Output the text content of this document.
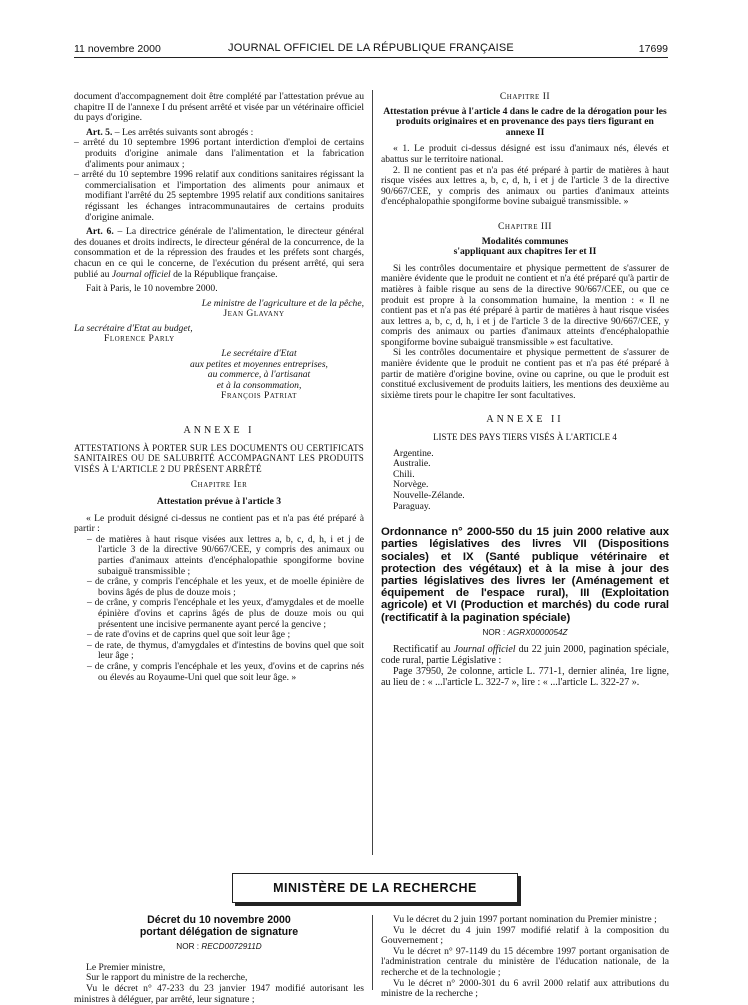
11 novembre 2000	JOURNAL OFFICIEL DE LA RÉPUBLIQUE FRANÇAISE	17699

document d'accompagnement doit être complété par l'attestation prévue au chapitre II de l'annexe I du présent arrêté et visée par un vétérinaire officiel du pays d'origine.

Art. 5. – Les arrêtés suivants sont abrogés :

– arrêté du 10 septembre 1996 portant interdiction d'emploi de certains produits d'origine animale dans l'alimentation et la fabrication d'aliments pour animaux ;

– arrêté du 10 septembre 1996 relatif aux conditions sanitaires régissant la commercialisation et l'importation des aliments pour animaux et modifiant l'arrêté du 25 septembre 1995 relatif aux conditions sanitaires régissant les échanges intracommunautaires de certains produits d'origine animale.

Art. 6. – La directrice générale de l'alimentation, le directeur général des douanes et droits indirects, le directeur général de la concurrence, de la consommation et de la répression des fraudes et les préfets sont chargés, chacun en ce qui le concerne, de l'exécution du présent arrêté, qui sera publié au Journal officiel de la République française.

Fait à Paris, le 10 novembre 2000.

Le ministre de l'agriculture et de la pêche,

Jean Glavany

La secrétaire d'Etat au budget,

Florence Parly

Le secrétaire d'Etat

aux petites et moyennes entreprises,

au commerce, à l'artisanat

et à la consommation,

François Patriat

ANNEXE I

ATTESTATIONS À PORTER SUR LES DOCUMENTS OU CERTIFICATS SANITAIRES OU DE SALUBRITÉ ACCOMPAGNANT LES PRODUITS VISÉS À L'ARTICLE 2 DU PRÉSENT ARRÊTÉ

Chapitre Ier

Attestation prévue à l'article 3

« Le produit désigné ci-dessus ne contient pas et n'a pas été préparé à partir :

– de matières à haut risque visées aux lettres a, b, c, d, h, i et j de l'article 3 de la directive 90/667/CEE, y compris des animaux ou parties d'animaux atteints d'encéphalopathie spongiforme bovine subaiguë transmissible ;

– de crâne, y compris l'encéphale et les yeux, et de moelle épinière de bovins âgés de plus de douze mois ;

– de crâne, y compris l'encéphale et les yeux, d'amygdales et de moelle épinière d'ovins et caprins âgés de plus de douze mois ou qui présentent une incisive permanente ayant percé la gencive ;

– de rate d'ovins et de caprins quel que soit leur âge ;

– de rate, de thymus, d'amygdales et d'intestins de bovins quel que soit leur âge ;

– de crâne, y compris l'encéphale et les yeux, d'ovins et de caprins nés ou élevés au Royaume-Uni quel que soit leur âge. »

Chapitre II

Attestation prévue à l'article 4 dans le cadre de la dérogation pour les produits originaires et en provenance des pays tiers figurant en annexe II

« 1. Le produit ci-dessus désigné est issu d'animaux nés, élevés et abattus sur le territoire national.

2. Il ne contient pas et n'a pas été préparé à partir de matières à haut risque visées aux lettres a, b, c, d, h, i et j de l'article 3 de la directive 90/667/CEE, y compris des animaux ou parties d'animaux atteints d'encéphalopathie spongiforme bovine subaiguë transmissible. »

Chapitre III

Modalités communes

s'appliquant aux chapitres Ier et II

Si les contrôles documentaire et physique permettent de s'assurer de manière évidente que le produit ne contient et n'a été préparé qu'à partir de matières à faible risque au sens de la directive 90/667/CEE, ou que ce produit est propre à la consommation humaine, la mention : « Il ne contient pas et n'a pas été préparé à partir de matières à haut risque visées aux lettres a, b, c, d, h, i et j de l'article 3 de la directive 90/667/CEE, y compris des animaux ou parties d'animaux atteints d'encéphalopathie spongiforme bovine subaiguë transmissible » est facultative.

Si les contrôles documentaire et physique permettent de s'assurer de manière évidente que le produit ne contient pas et n'a pas été préparé à partir de matière d'origine bovine, ovine ou caprine, ou que le produit est constitué exclusivement de produits laitiers, les mentions des deuxième au sixième tirets pour le chapitre Ier sont facultatives.

ANNEXE II

LISTE DES PAYS TIERS VISÉS À L'ARTICLE 4

Argentine.

Australie.

Chili.

Norvège.

Nouvelle-Zélande.

Paraguay.

Ordonnance n° 2000-550 du 15 juin 2000 relative aux parties législatives des livres VII (Dispositions sociales) et IX (Santé publique vétérinaire et protection des végétaux) et à la mise à jour des parties législatives des livres Ier (Aménagement et équipement de l'espace rural), III (Exploitation agricole) et VI (Production et marchés) du code rural (rectificatif à la pagination spéciale)

NOR : AGRX0000054Z

Rectificatif au Journal officiel du 22 juin 2000, pagination spéciale, code rural, partie Législative :

Page 37950, 2e colonne, article L. 771-1, dernier alinéa, 1re ligne, au lieu de : « ...l'article L. 322-7 », lire : « ...l'article L. 322-27 ».

MINISTÈRE DE LA RECHERCHE

Décret du 10 novembre 2000

portant délégation de signature

NOR : RECD0072911D

Le Premier ministre,

Sur le rapport du ministre de la recherche,

Vu le décret n° 47-233 du 23 janvier 1947 modifié autorisant les ministres à déléguer, par arrêté, leur signature ;

Vu le décret du 2 juin 1997 portant nomination du Premier ministre ;

Vu le décret du 4 juin 1997 modifié relatif à la composition du Gouvernement ;

Vu le décret n° 97-1149 du 15 décembre 1997 portant organisation de l'administration centrale du ministère de l'éducation nationale, de la recherche et de la technologie ;

Vu le décret n° 2000-301 du 6 avril 2000 relatif aux attributions du ministre de la recherche ;
